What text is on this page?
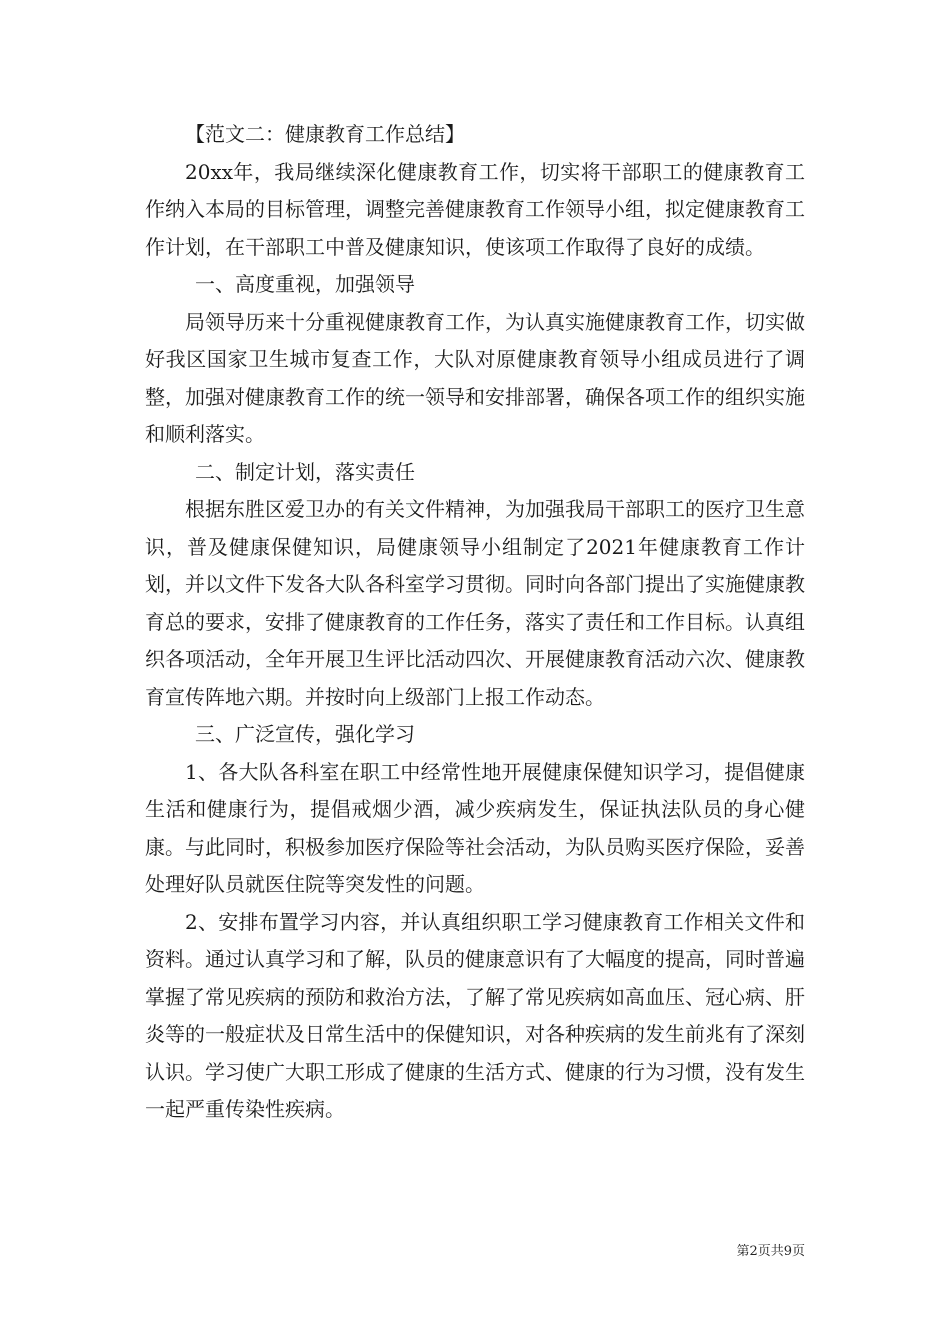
【范文二：健康教育工作总结】

20xx年，我局继续深化健康教育工作，切实将干部职工的健康教育工作纳入本局的目标管理，调整完善健康教育工作领导小组，拟定健康教育工作计划，在干部职工中普及健康知识，使该项工作取得了良好的成绩。

一、高度重视，加强领导

局领导历来十分重视健康教育工作，为认真实施健康教育工作，切实做好我区国家卫生城市复查工作，大队对原健康教育领导小组成员进行了调整，加强对健康教育工作的统一领导和安排部署，确保各项工作的组织实施和顺利落实。

二、制定计划，落实责任

根据东胜区爱卫办的有关文件精神，为加强我局干部职工的医疗卫生意识，普及健康保健知识，局健康领导小组制定了2021年健康教育工作计划，并以文件下发各大队各科室学习贯彻。同时向各部门提出了实施健康教育总的要求，安排了健康教育的工作任务，落实了责任和工作目标。认真组织各项活动，全年开展卫生评比活动四次、开展健康教育活动六次、健康教育宣传阵地六期。并按时向上级部门上报工作动态。

三、广泛宣传，强化学习

1、各大队各科室在职工中经常性地开展健康保健知识学习，提倡健康生活和健康行为，提倡戒烟少酒，减少疾病发生，保证执法队员的身心健康。与此同时，积极参加医疗保险等社会活动，为队员购买医疗保险，妥善处理好队员就医住院等突发性的问题。

2、安排布置学习内容，并认真组织职工学习健康教育工作相关文件和资料。通过认真学习和了解，队员的健康意识有了大幅度的提高，同时普遍掌握了常见疾病的预防和救治方法，了解了常见疾病如高血压、冠心病、肝炎等的一般症状及日常生活中的保健知识，对各种疾病的发生前兆有了深刻认识。学习使广大职工形成了健康的生活方式、健康的行为习惯，没有发生一起严重传染性疾病。

第2页共9页
